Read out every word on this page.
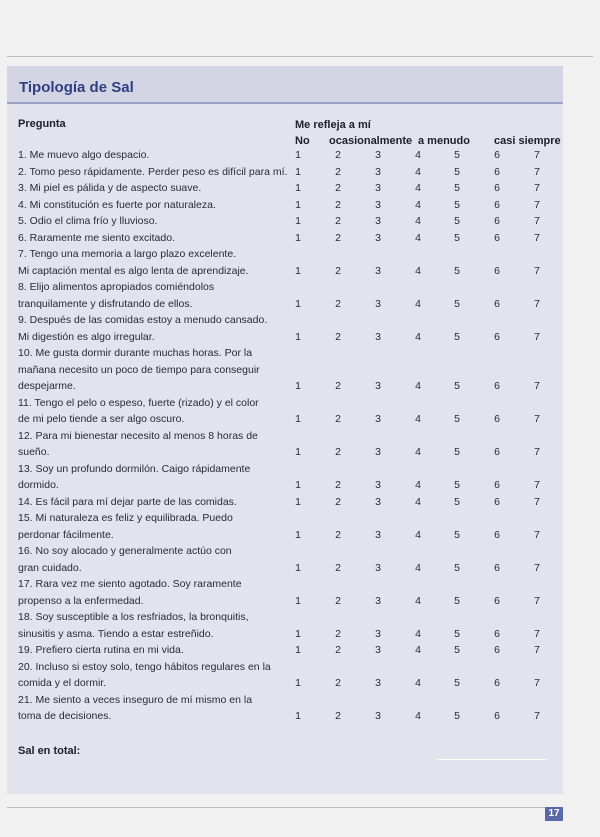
Tipología de Sal
Pregunta	Me refleja a mí
No ocasionalmente a menudo casi siempre
1. Me muevo algo despacio.	1	2	3	4	5	6	7
2. Tomo peso rápidamente. Perder peso es difícil para mí. 1	2	3	4	5	6	7
3. Mi piel es pálida y de aspecto suave.	1	2	3	4	5	6	7
4. Mi constitución es fuerte por naturaleza.	1	2	3	4	5	6	7
5. Odio el clima frío y lluvioso.	1	2	3	4	5	6	7
6. Raramente me siento excitado.	1	2	3	4	5	6	7
7. Tengo una memoria a largo plazo excelente.
Mi captación mental es algo lenta de aprendizaje.	1	2	3	4	5	6	7
8. Elijo alimentos apropiados comiéndolos
tranquilamente y disfrutando de ellos.	1	2	3	4	5	6	7
9. Después de las comidas estoy a menudo cansado.
Mi digestión es algo irregular.	1	2	3	4	5	6	7
10. Me gusta dormir durante muchas horas. Por la
mañana necesito un poco de tiempo para conseguir
despejarme.	1	2	3	4	5	6	7
11. Tengo el pelo o espeso, fuerte (rizado) y el color
de mi pelo tiende a ser algo oscuro.	1	2	3	4	5	6	7
12. Para mi bienestar necesito al menos 8 horas de
sueño.	1	2	3	4	5	6	7
13. Soy un profundo dormilón. Caigo rápidamente
dormido.	1	2	3	4	5	6	7
14. Es fácil para mí dejar parte de las comidas.	1	2	3	4	5	6	7
15. Mi naturaleza es feliz y equilibrada. Puedo
perdonar fácilmente.	1	2	3	4	5	6	7
16. No soy alocado y generalmente actúo con
gran cuidado.	1	2	3	4	5	6	7
17. Rara vez me siento agotado. Soy raramente
propenso a la enfermedad.	1	2	3	4	5	6	7
18. Soy susceptible a los resfriados, la bronquitis,
sinusitis y asma. Tiendo a estar estreñido.	1	2	3	4	5	6	7
19. Prefiero cierta rutina en mi vida.	1	2	3	4	5	6	7
20. Incluso si estoy solo, tengo hábitos regulares en la
comida y el dormir.	1	2	3	4	5	6	7
21. Me siento a veces inseguro de mí mismo en la
toma de decisiones.	1	2	3	4	5	6	7
Sal en total:
17
